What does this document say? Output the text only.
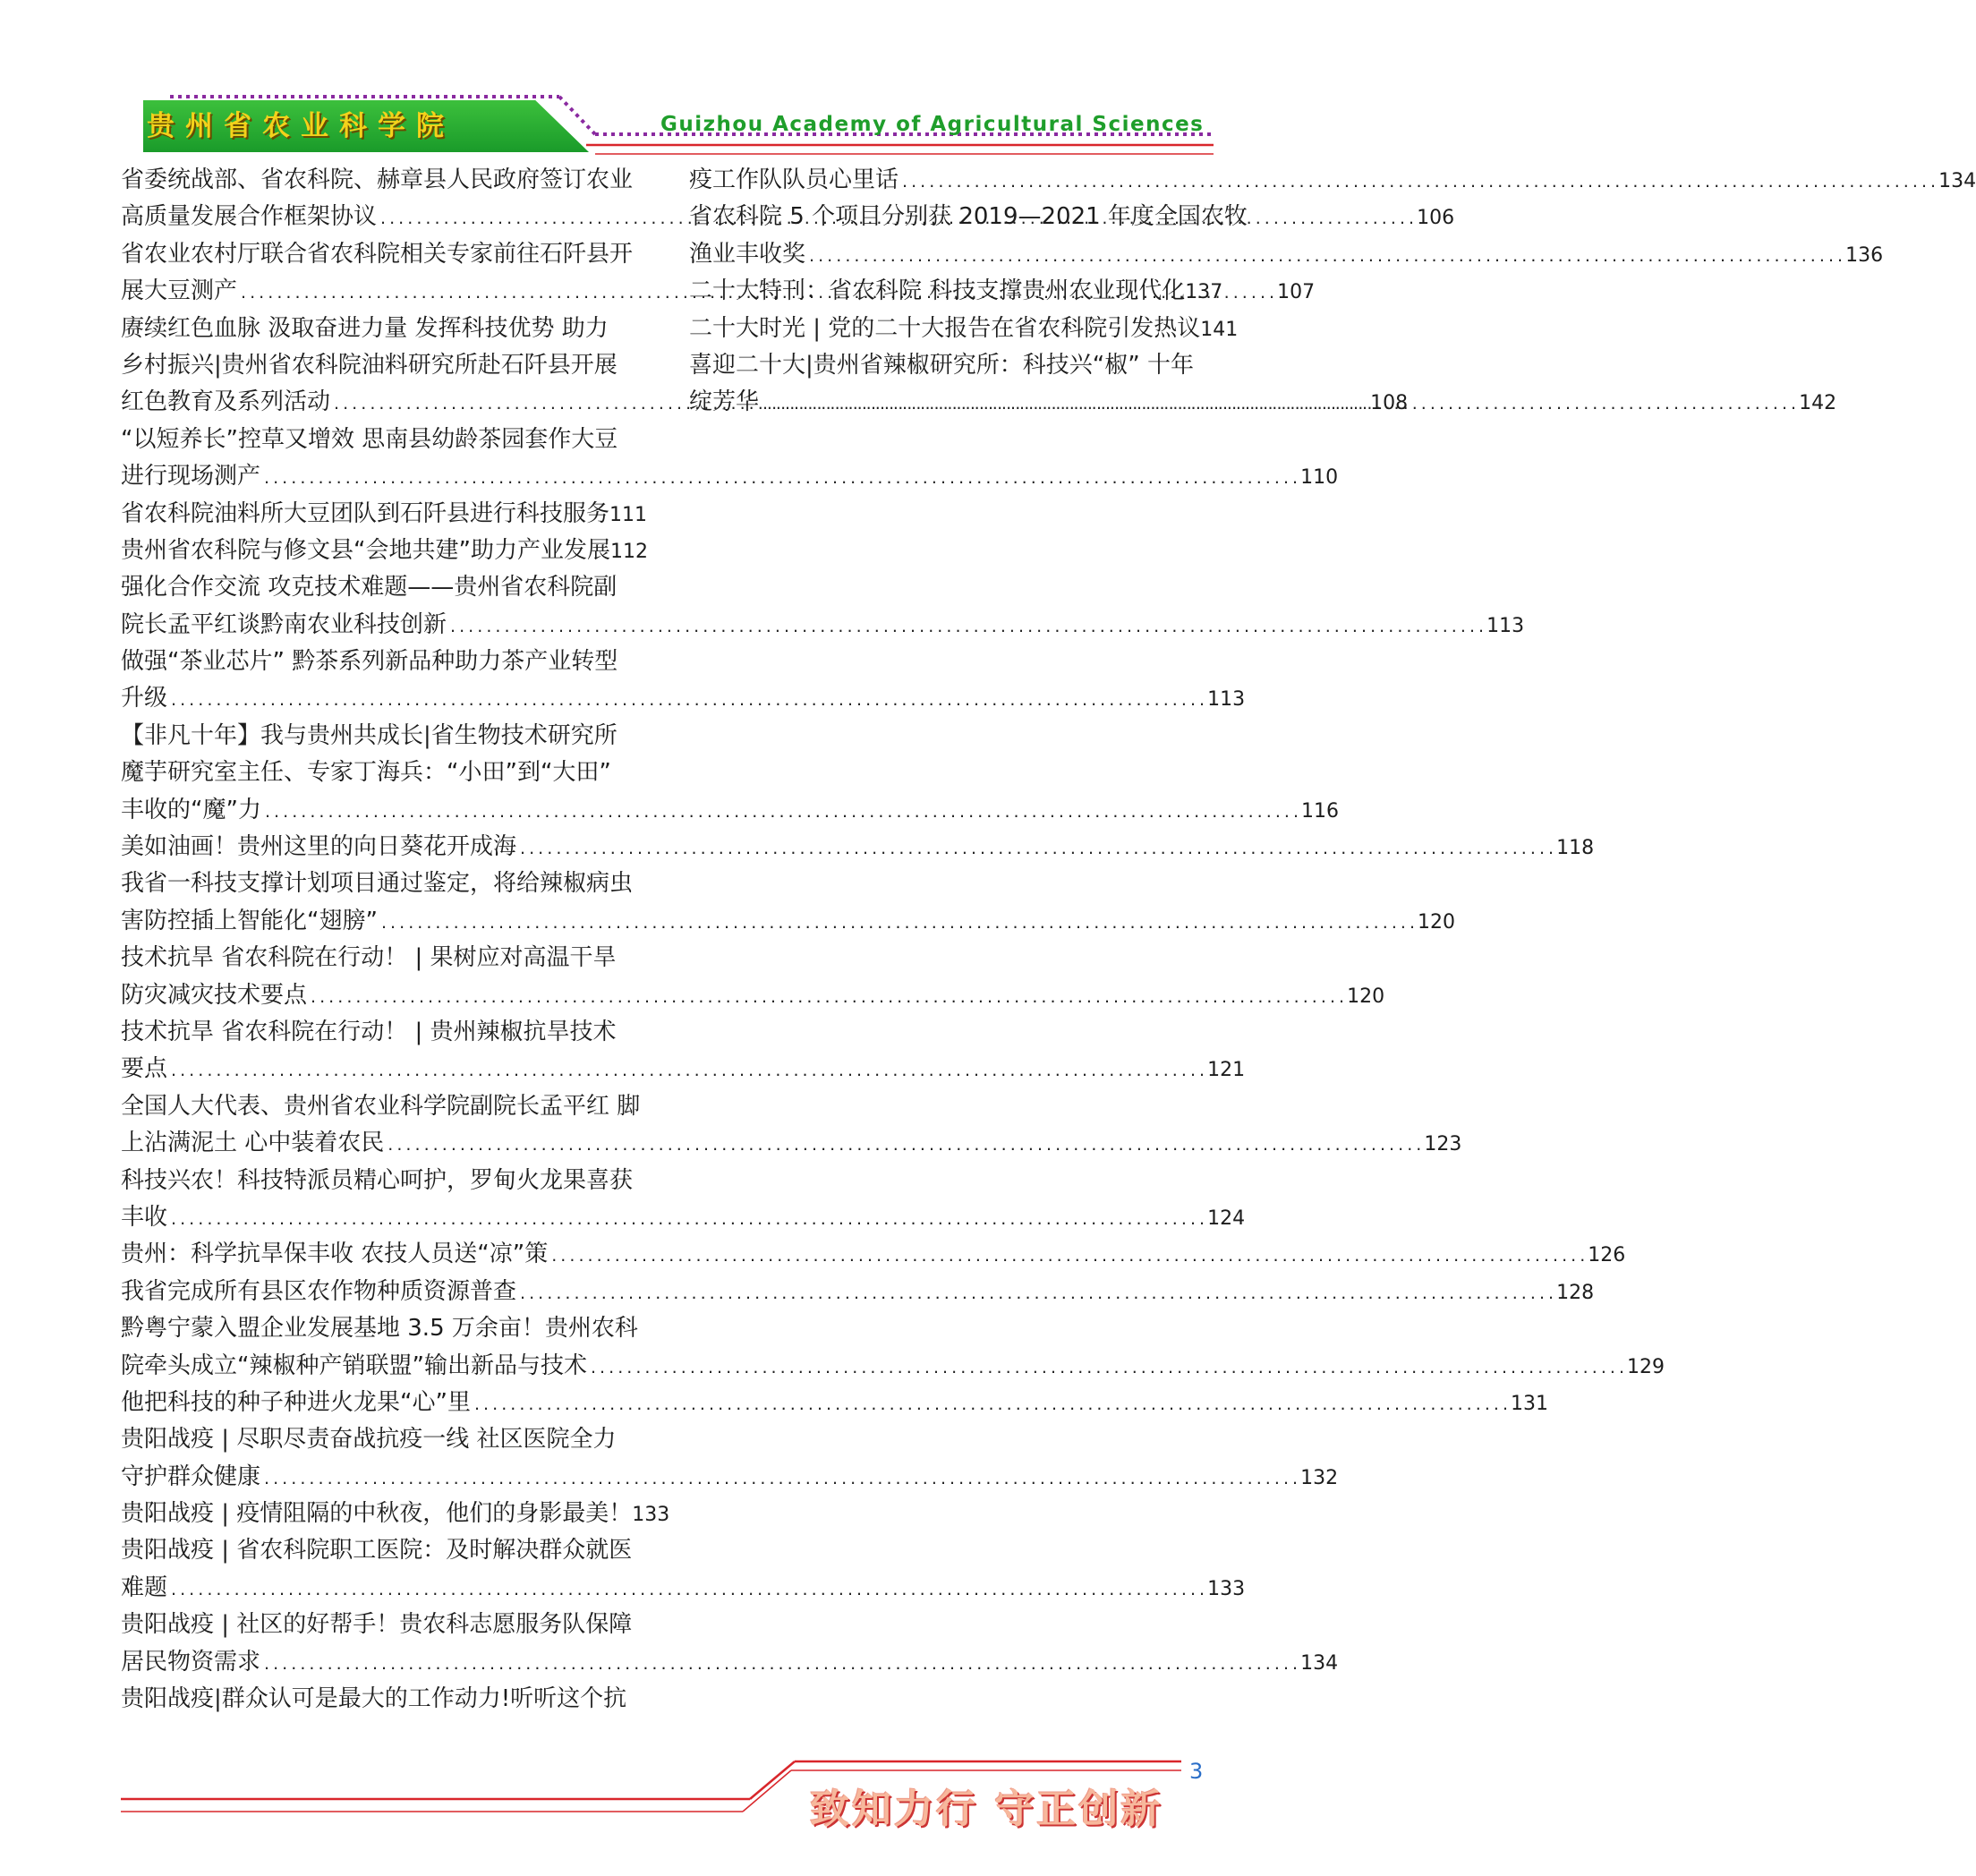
贵州省农业科学院	Guizhou Academy of Agricultural Sciences
省委统战部、省农科院、赫章县人民政府签订农业
高质量发展合作框架协议 . . .	106
省农业农村厅联合省农科院相关专家前往石阡县开
展大豆测产 . . .	107
赓续红色血脉 汲取奋进力量 发挥科技优势 助力
乡村振兴|贵州省农科院油料研究所赴石阡县开展
红色教育及系列活动 . . .	108
“以短养长”控草又增效 思南县幼龄茶园套作大豆
进行现场测产 . . .	110
省农科院油料所大豆团队到石阡县进行科技服务 111
贵州省农科院与修文县“会地共建”助力产业发展 112
强化合作交流 攻克技术难题——贵州省农科院副
院长孟平红谈黔南农业科技创新 . . .	113
做强“茶业芯片” 黔茶系列新品种助力茶产业转型
升级 . . .	113
【非凡十年】我与贵州共成长|省生物技术研究所
魔芋研究室主任、专家丁海兵：“小田”到“大田”
丰收的“魔”力 . . .	116
美如油画！贵州这里的向日葵花开成海 . . .	118
我省一科技支撑计划项目通过鉴定，将给辣椒病虫
害防控插上智能化“翅膀” . . .	120
技术抗旱 省农科院在行动！ | 果树应对高温干旱
防灾减灾技术要点 . . .	120
技术抗旱 省农科院在行动！ | 贵州辣椒抗旱技术
要点 . . .	121
全国人大代表、贵州省农业科学院副院长孟平红 脚
上沾满泥土 心中装着农民 . . .	123
科技兴农！科技特派员精心呵护，罗甸火龙果喜获
丰收 . . .	124
贵州：科学抗旱保丰收 农技人员送“凉”策 . . .	126
我省完成所有县区农作物种质资源普查 . . .	128
黔粤宁蒙入盟企业发展基地 3.5 万余亩！贵州农科
院牵头成立“辣椒种产销联盟”输出新品与技术 . . .	129
他把科技的种子种进火龙果“心”里 . . .	131
贵阳战疫 | 尽职尽责奋战抗疫一线 社区医院全力
守护群众健康 . . .	132
贵阳战疫 | 疫情阻隔的中秋夜，他们的身影最美！ 133
贵阳战疫 | 省农科院职工医院：及时解决群众就医
难题 . . .	133
贵阳战疫 | 社区的好帮手！贵农科志愿服务队保障
居民物资需求 . . .	134
贵阳战疫|群众认可是最大的工作动力!听听这个抗
疫工作队队员心里话 . . .	134
省农科院 5 个项目分别获 2019—2021 年度全国农牧
渔业丰收奖 . . .	136
二十大特刊：省农科院 科技支撑贵州农业现代化 137
二十大时光 | 党的二十大报告在省农科院引发热议 141
喜迎二十大|贵州省辣椒研究所：科技兴“椒” 十年
绽芳华 . . .	142
3
致知力行 守正创新
